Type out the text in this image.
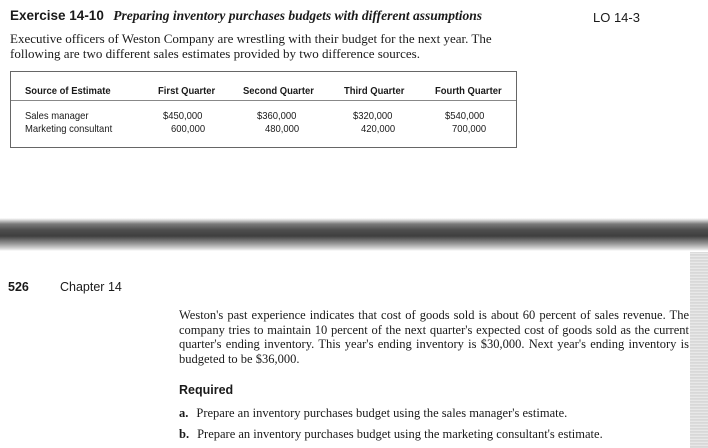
Exercise 14-10 Preparing inventory purchases budgets with different assumptions	LO 14-3
Executive officers of Weston Company are wrestling with their budget for the next year. The following are two different sales estimates provided by two difference sources.
Source of Estimate	First Quarter	Second Quarter	Third Quarter	Fourth Quarter
Sales manager	$450,000	$360,000	$320,000	$540,000
Marketing consultant	600,000	480,000	420,000	700,000
526 Chapter 14
Weston's past experience indicates that cost of goods sold is about 60 percent of sales revenue. The company tries to maintain 10 percent of the next quarter's expected cost of goods sold as the current quarter's ending inventory. This year's ending inventory is $30,000. Next year's ending inventory is budgeted to be $36,000.
Required
a. Prepare an inventory purchases budget using the sales manager's estimate.
b. Prepare an inventory purchases budget using the marketing consultant's estimate.
